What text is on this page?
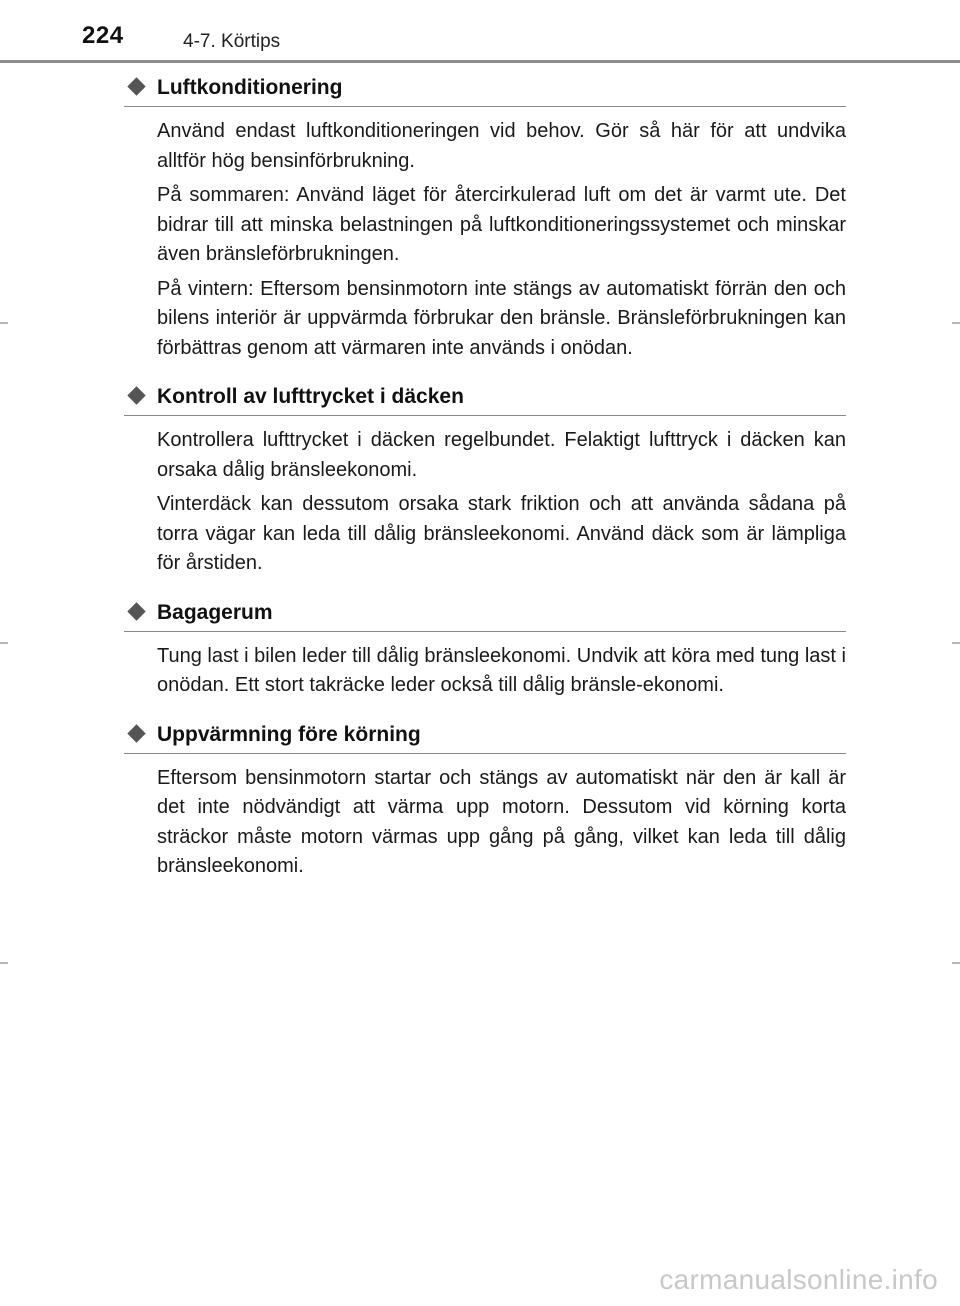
224	4-7. Körtips
Luftkonditionering

Använd endast luftkonditioneringen vid behov. Gör så här för att undvika alltför hög bensinförbrukning.

På sommaren: Använd läget för återcirkulerad luft om det är varmt ute. Det bidrar till att minska belastningen på luftkonditioneringssystemet och minskar även bränsleförbrukningen.

På vintern: Eftersom bensinmotorn inte stängs av automatiskt förrän den och bilens interiör är uppvärmda förbrukar den bränsle. Bränsleförbrukningen kan förbättras genom att värmaren inte används i onödan.

Kontroll av lufttrycket i däcken

Kontrollera lufttrycket i däcken regelbundet. Felaktigt lufttryck i däcken kan orsaka dålig bränsleekonomi.

Vinterdäck kan dessutom orsaka stark friktion och att använda sådana på torra vägar kan leda till dålig bränsleekonomi. Använd däck som är lämpliga för årstiden.

Bagagerum

Tung last i bilen leder till dålig bränsleekonomi. Undvik att köra med tung last i onödan. Ett stort takräcke leder också till dålig bränsle-ekonomi.

Uppvärmning före körning

Eftersom bensinmotorn startar och stängs av automatiskt när den är kall är det inte nödvändigt att värma upp motorn. Dessutom vid körning korta sträckor måste motorn värmas upp gång på gång, vilket kan leda till dålig bränsleekonomi.

carmanualsonline.info
